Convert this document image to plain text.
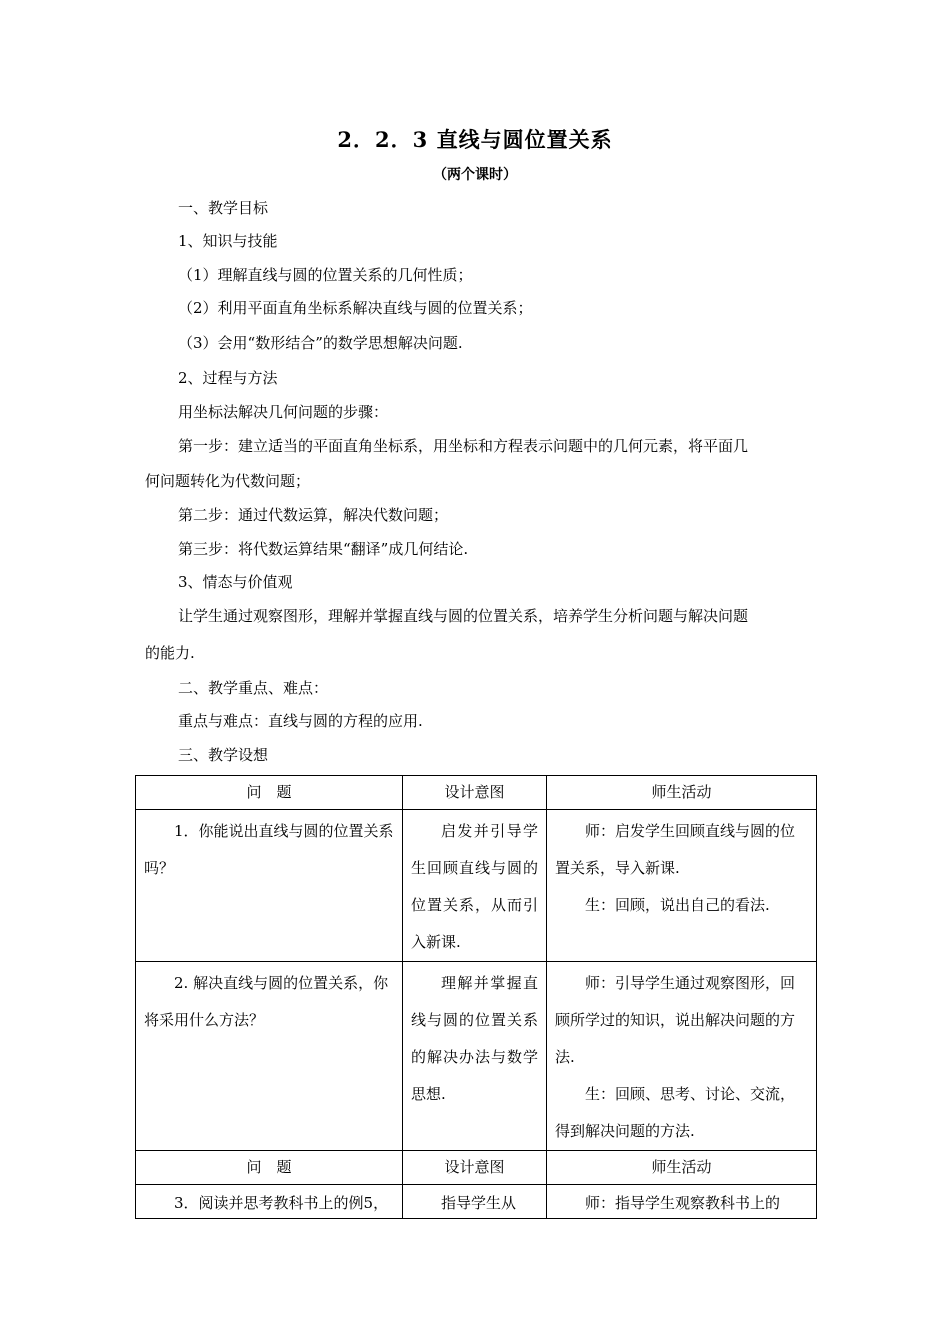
2．2．3 直线与圆位置关系
（两个课时）
一、教学目标
1、知识与技能
（1）理解直线与圆的位置关系的几何性质；
（2）利用平面直角坐标系解决直线与圆的位置关系；
（3）会用“数形结合”的数学思想解决问题.
2、过程与方法
用坐标法解决几何问题的步骤：
第一步：建立适当的平面直角坐标系，用坐标和方程表示问题中的几何元素，将平面几
何问题转化为代数问题；
第二步：通过代数运算，解决代数问题；
第三步：将代数运算结果“翻译”成几何结论.
3、情态与价值观
让学生通过观察图形，理解并掌握直线与圆的位置关系，培养学生分析问题与解决问题
的能力.
二、教学重点、难点：
重点与难点：直线与圆的方程的应用.
三、教学设想
问　题	设计意图	师生活动

1．你能说出直线与圆的位置关系吗？	启发并引导学生回顾直线与圆的位置关系，从而引入新课.	师：启发学生回顾直线与圆的位置关系，导入新课.

生：回顾，说出自己的看法.

2. 解决直线与圆的位置关系，你将采用什么方法？	理解并掌握直线与圆的位置关系的解决办法与数学思想.	师：引导学生通过观察图形，回顾所学过的知识，说出解决问题的方法.

生：回顾、思考、讨论、交流，得到解决问题的方法.

问　题	设计意图	师生活动

3．阅读并思考教科书上的例5，	指导学生从	师：指导学生观察教科书上的
